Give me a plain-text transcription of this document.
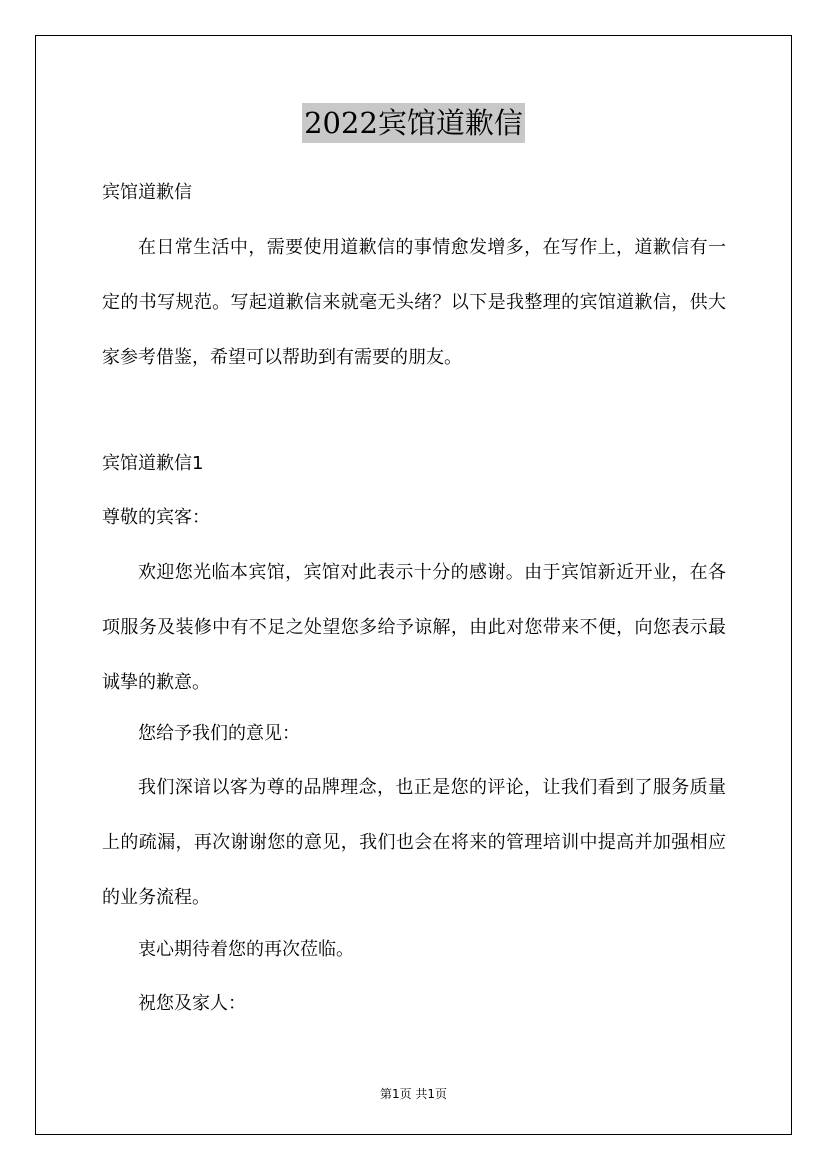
2022宾馆道歉信
宾馆道歉信
在日常生活中，需要使用道歉信的事情愈发增多，在写作上，道歉信有一定的书写规范。写起道歉信来就毫无头绪？以下是我整理的宾馆道歉信，供大家参考借鉴，希望可以帮助到有需要的朋友。
宾馆道歉信1
尊敬的宾客：
欢迎您光临本宾馆，宾馆对此表示十分的感谢。由于宾馆新近开业，在各项服务及装修中有不足之处望您多给予谅解，由此对您带来不便，向您表示最诚挚的歉意。
您给予我们的意见：
我们深谙以客为尊的品牌理念，也正是您的评论，让我们看到了服务质量上的疏漏，再次谢谢您的意见，我们也会在将来的管理培训中提高并加强相应的业务流程。
衷心期待着您的再次莅临。
祝您及家人：
第1页 共1页
